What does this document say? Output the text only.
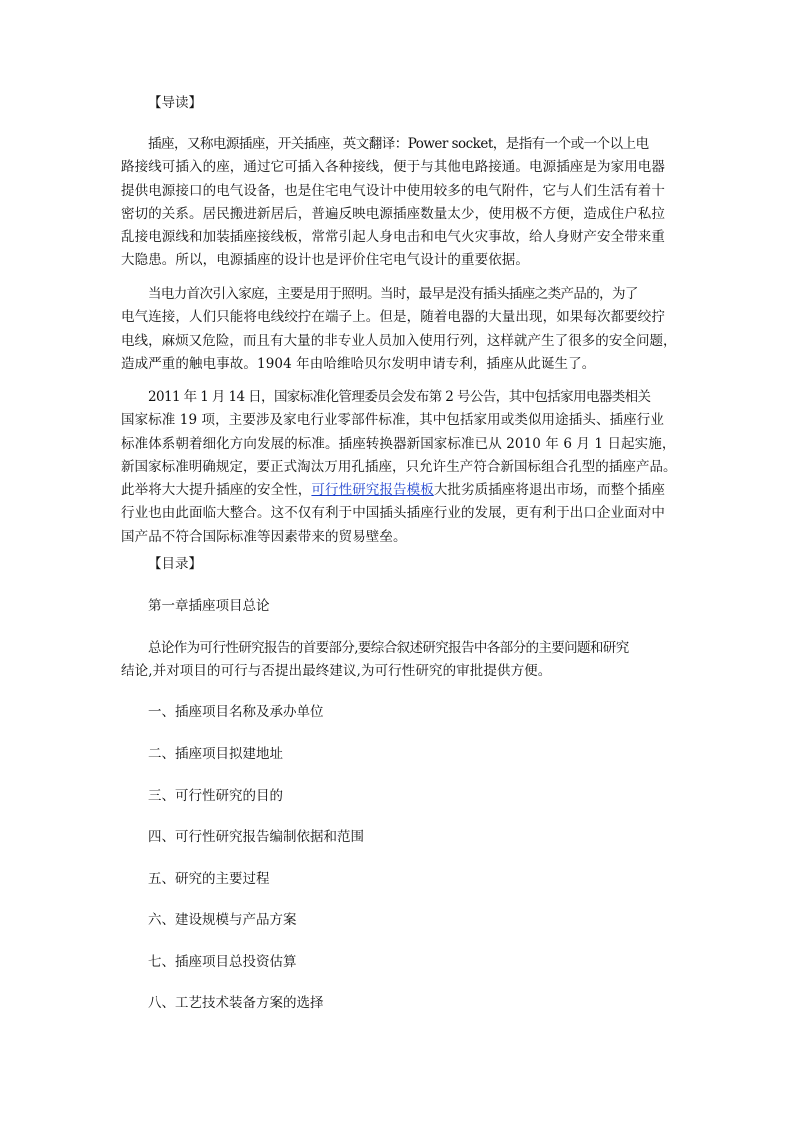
【导读】

插座，又称电源插座，开关插座，英文翻译：Power socket，是指有一个或一个以上电
路接线可插入的座，通过它可插入各种接线，便于与其他电路接通。电源插座是为家用电器
提供电源接口的电气设备，也是住宅电气设计中使用较多的电气附件，它与人们生活有着十
密切的关系。居民搬进新居后，普遍反映电源插座数量太少，使用极不方便，造成住户私拉
乱接电源线和加装插座接线板，常常引起人身电击和电气火灾事故，给人身财产安全带来重
大隐患。所以，电源插座的设计也是评价住宅电气设计的重要依据。

当电力首次引入家庭，主要是用于照明。当时，最早是没有插头插座之类产品的，为了
电气连接，人们只能将电线绞拧在端子上。但是，随着电器的大量出现，如果每次都要绞拧
电线，麻烦又危险，而且有大量的非专业人员加入使用行列，这样就产生了很多的安全问题，
造成严重的触电事故。1904 年由哈维哈贝尔发明申请专利，插座从此诞生了。

2011 年 1 月 14 日，国家标准化管理委员会发布第 2 号公告，其中包括家用电器类相关
国家标准 19 项，主要涉及家电行业零部件标准，其中包括家用或类似用途插头、插座行业
标准体系朝着细化方向发展的标准。插座转换器新国家标准已从 2010 年 6 月 1 日起实施，
新国家标准明确规定，要正式淘汰万用孔插座，只允许生产符合新国标组合孔型的插座产品。
此举将大大提升插座的安全性，可行性研究报告模板大批劣质插座将退出市场，而整个插座
行业也由此面临大整合。这不仅有利于中国插头插座行业的发展，更有利于出口企业面对中
国产品不符合国际标准等因素带来的贸易壁垒。

【目录】
第一章插座项目总论

总论作为可行性研究报告的首要部分,要综合叙述研究报告中各部分的主要问题和研究
结论,并对项目的可行与否提出最终建议,为可行性研究的审批提供方便。

一、插座项目名称及承办单位
二、插座项目拟建地址
三、可行性研究的目的
四、可行性研究报告编制依据和范围
五、研究的主要过程
六、建设规模与产品方案
七、插座项目总投资估算
八、工艺技术装备方案的选择
